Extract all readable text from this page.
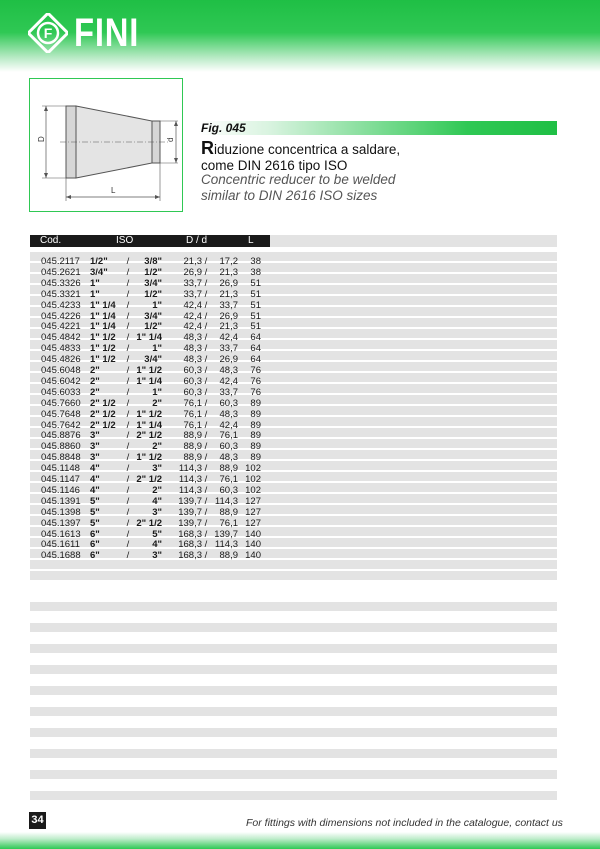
F FINI
D	d
L
Fig. 045
Riduzione concentrica a saldare,
come DIN 2616 tipo ISO
Concentric reducer to be welded
similar to DIN 2616 ISO sizes
Cod.	ISO	D / d	L
045.2117 1/2"	/	3/8"	21,3 /	17,2	38
045.2621 3/4"	/	1/2"	26,9 /	21,3	38
045.3326 1"	/	3/4"	33,7 /	26,9	51
045.3321 1"	/	1/2"	33,7 /	21,3	51
045.4233 1" 1/4	/	1"	42,4 /	33,7	51
045.4226 1" 1/4	/	3/4"	42,4 /	26,9	51
045.4221 1" 1/4	/	1/2"	42,4 /	21,3	51
045.4842 1" 1/2	/ 1" 1/4	48,3 /	42,4	64
045.4833 1" 1/2	/	1"	48,3 /	33,7	64
045.4826 1" 1/2	/	3/4"	48,3 /	26,9	64
045.6048 2"	/ 1" 1/2	60,3 /	48,3	76
045.6042 2"	/ 1" 1/4	60,3 /	42,4	76
045.6033 2"	/	1"	60,3 /	33,7	76
045.7660 2" 1/2	/	2"	76,1 /	60,3	89
045.7648 2" 1/2	/ 1" 1/2	76,1 /	48,3	89
045.7642 2" 1/2	/ 1" 1/4	76,1 /	42,4	89
045.8876 3"	/ 2" 1/2	88,9 /	76,1	89
045.8860 3"	/	2"	88,9 /	60,3	89
045.8848 3"	/ 1" 1/2	88,9 /	48,3	89
045.1148 4"	/	3"	114,3 /	88,9 102
045.1147 4"	/ 2" 1/2	114,3 /	76,1 102
045.1146 4"	/	2"	114,3 /	60,3 102
045.1391 5"	/	4"	139,7 / 114,3 127
045.1398 5"	/	3"	139,7 /	88,9 127
045.1397 5"	/ 2" 1/2	139,7 /	76,1 127
045.1613 6"	/	5"	168,3 / 139,7 140
045.1611 6"	/	4"	168,3 / 114,3 140
045.1688 6"	/	3"	168,3 /	88,9 140
34	For fittings with dimensions not included in the catalogue, contact us
